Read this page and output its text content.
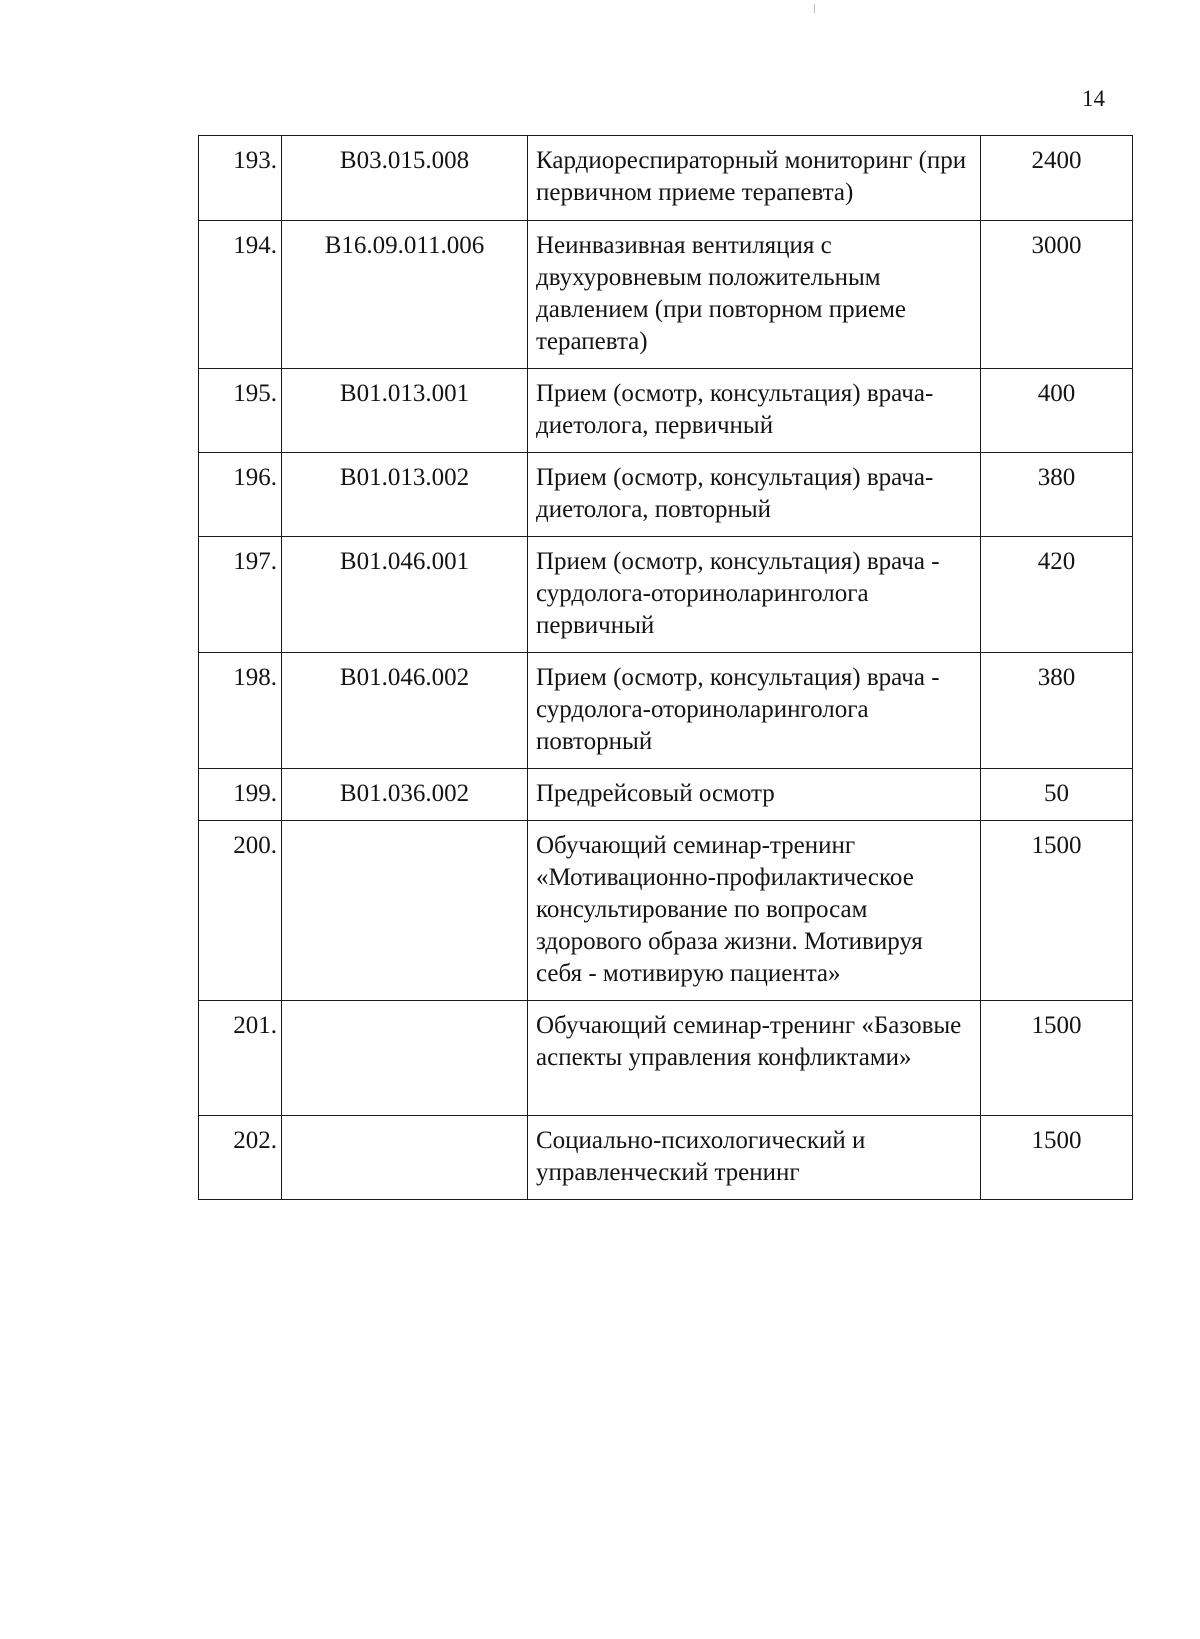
14
193.	B03.015.008	Кардиореспираторный мониторинг (при первичном приеме терапевта)	2400
194.	B16.09.011.006	Неинвазивная вентиляция с двухуровневым положительным давлением (при повторном приеме терапевта)	3000
195.	B01.013.001	Прием (осмотр, консультация) врача-диетолога, первичный	400
196.	B01.013.002	Прием (осмотр, консультация) врача-диетолога, повторный	380
197.	B01.046.001	Прием (осмотр, консультация) врача - сурдолога-оториноларинголога первичный	420
198.	B01.046.002	Прием (осмотр, консультация) врача - сурдолога-оториноларинголога повторный	380
199.	B01.036.002	Предрейсовый осмотр	50
200.		Обучающий семинар-тренинг «Мотивационно-профилактическое консультирование по вопросам здорового образа жизни. Мотивируя себя - мотивирую пациента»	1500
201.		Обучающий семинар-тренинг «Базовые аспекты управления конфликтами»	1500
202.		Социально-психологический и управленческий тренинг	1500
